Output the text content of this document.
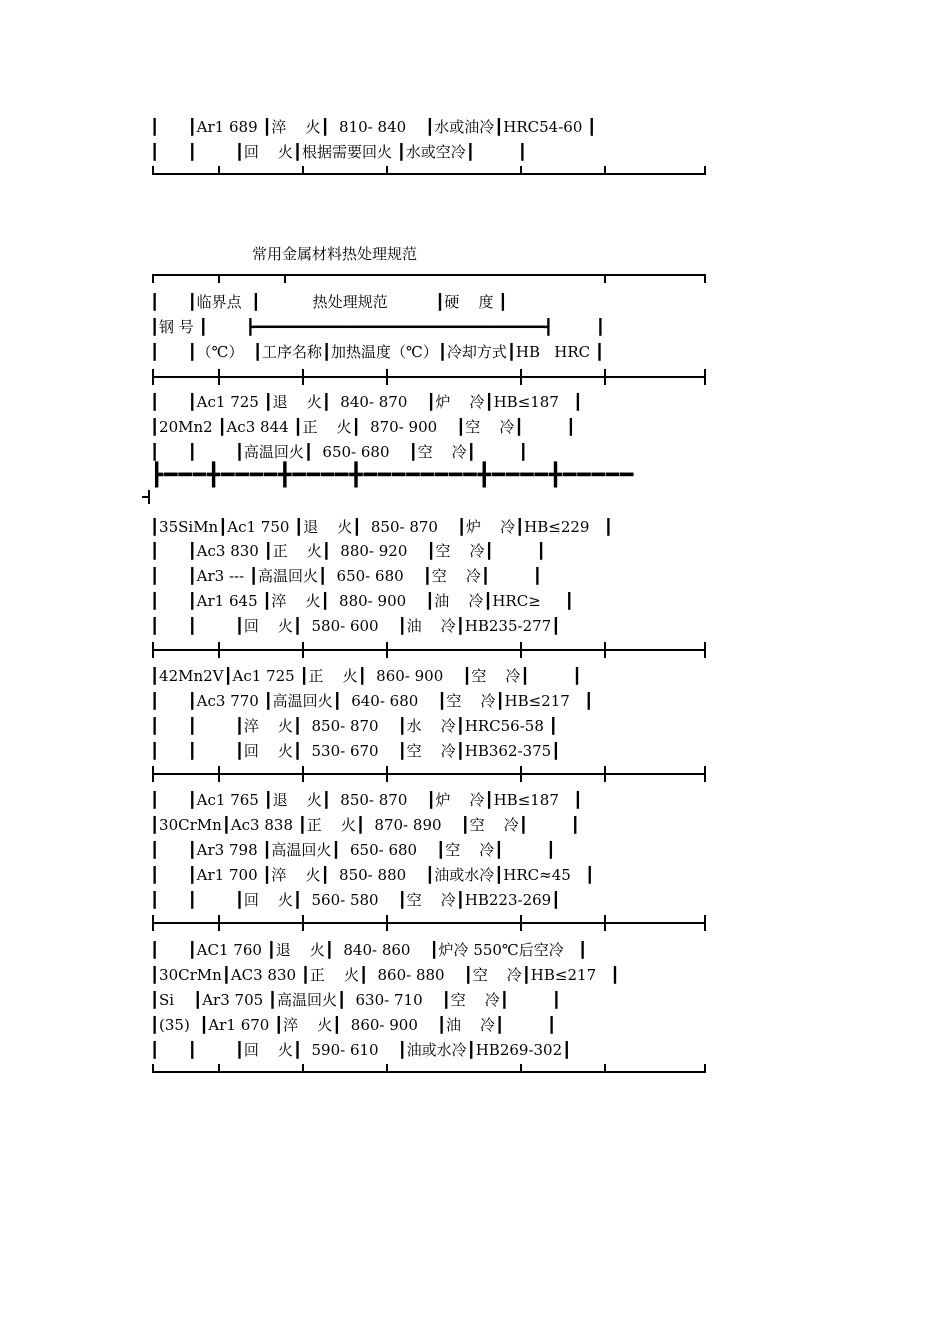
┃      ┃Ar1 689 ┃淬    火┃  810- 840    ┃水或油冷┃HRC54-60 ┃
┃      ┃        ┃回    火┃根据需要回火 ┃水或空冷┃         ┃
常用金属材料热处理规范
┃      ┃临界点  ┃           热处理规范          ┃硬    度 ┃
┃钢 号 ┃        ┣━━━━━━━━━━━━━━━━━━━━━━━━━━━━━━━━┫         ┃
┃      ┃（℃）  ┃工序名称┃加热温度（℃）┃冷却方式┃HB   HRC ┃
┃      ┃Ac1 725 ┃退    火┃  840- 870    ┃炉    冷┃HB≤187   ┃
┃20Mn2 ┃Ac3 844 ┃正    火┃  870- 900    ┃空    冷┃         ┃
┃      ┃        ┃高温回火┃  650- 680    ┃空    冷┃         ┃
┣━━━╋━━━━╋━━━━╋━━━━━━━━╋━━━━╋━━━━━
┃35SiMn┃Ac1 750 ┃退    火┃  850- 870    ┃炉    冷┃HB≤229   ┃
┃      ┃Ac3 830 ┃正    火┃  880- 920    ┃空    冷┃         ┃
┃      ┃Ar3 --- ┃高温回火┃  650- 680    ┃空    冷┃         ┃
┃      ┃Ar1 645 ┃淬    火┃  880- 900    ┃油    冷┃HRC≥     ┃
┃      ┃        ┃回    火┃  580- 600    ┃油    冷┃HB235-277┃
┃42Mn2V┃Ac1 725 ┃正    火┃  860- 900    ┃空    冷┃         ┃
┃      ┃Ac3 770 ┃高温回火┃  640- 680    ┃空    冷┃HB≤217   ┃
┃      ┃        ┃淬    火┃  850- 870    ┃水    冷┃HRC56-58 ┃
┃      ┃        ┃回    火┃  530- 670    ┃空    冷┃HB362-375┃
┃      ┃Ac1 765 ┃退    火┃  850- 870    ┃炉    冷┃HB≤187   ┃
┃30CrMn┃Ac3 838 ┃正    火┃  870- 890    ┃空    冷┃         ┃
┃      ┃Ar3 798 ┃高温回火┃  650- 680    ┃空    冷┃         ┃
┃      ┃Ar1 700 ┃淬    火┃  850- 880    ┃油或水冷┃HRC≈45   ┃
┃      ┃        ┃回    火┃  560- 580    ┃空    冷┃HB223-269┃
┃      ┃AC1 760 ┃退    火┃  840- 860    ┃炉冷 550℃后空冷   ┃
┃30CrMn┃AC3 830 ┃正    火┃  860- 880    ┃空    冷┃HB≤217   ┃
┃Si    ┃Ar3 705 ┃高温回火┃  630- 710    ┃空    冷┃         ┃
┃(35)  ┃Ar1 670 ┃淬    火┃  860- 900    ┃油    冷┃         ┃
┃      ┃        ┃回    火┃  590- 610    ┃油或水冷┃HB269-302┃
